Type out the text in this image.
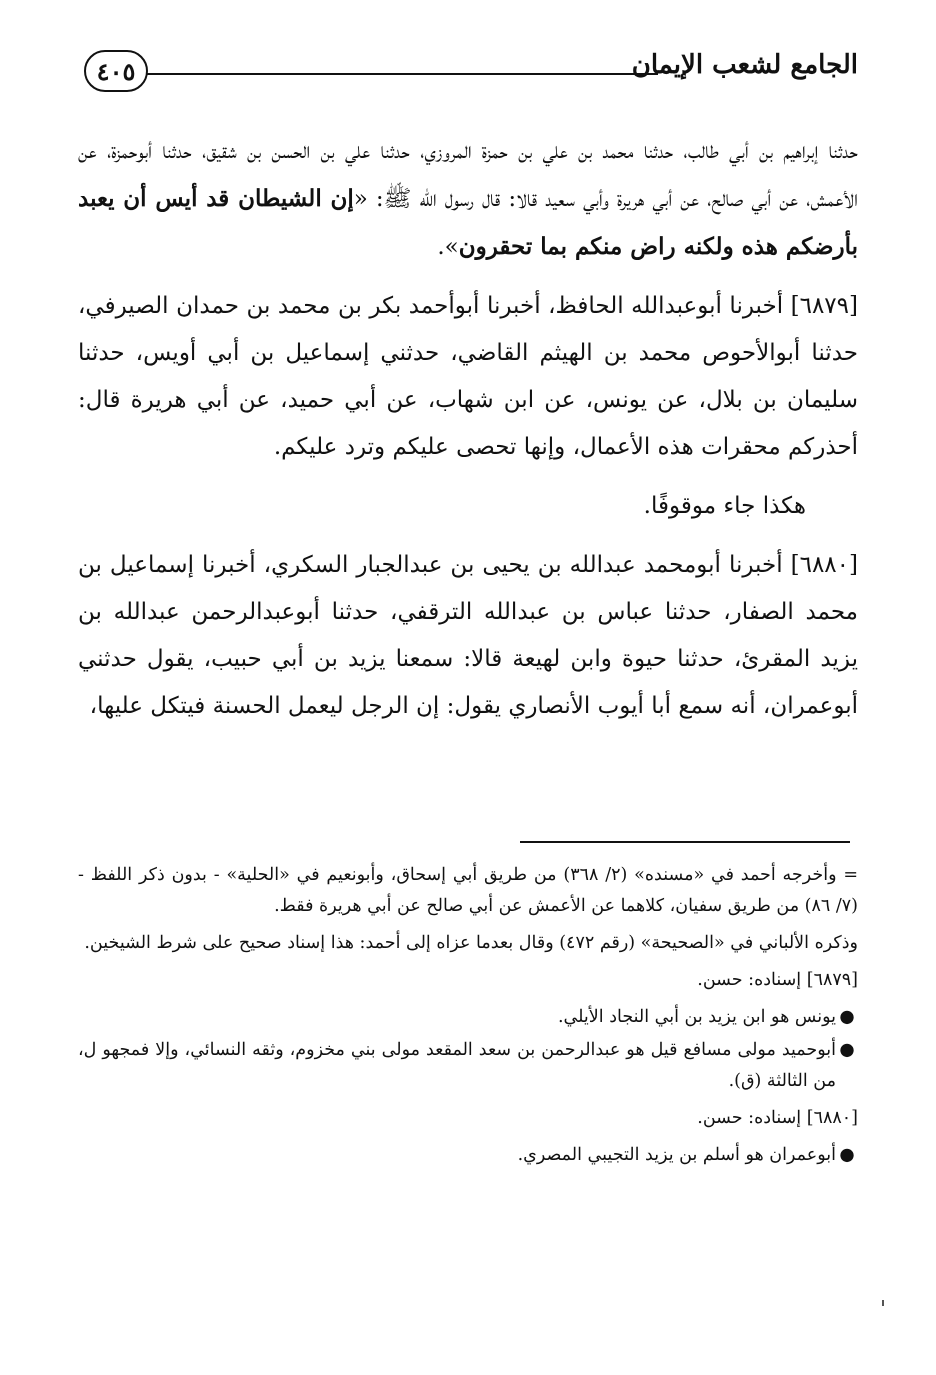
٤٠٥	الجامع لشعب الإيمان

حدثنا إبراهيم بن أبي طالب، حدثنا محمد بن علي بن حمزة المروزي، حدثنا علي بن الحسن بن شقيق، حدثنا أبوحمزة، عن الأعمش، عن أبي صالح، عن أبي هريرة وأبي سعيد قالا: قال رسول الله ﷺ: «إن الشيطان قد أيس أن يعبد بأرضكم هذه ولكنه راض منكم بما تحقرون».

[٦٨٧٩] أخبرنا أبوعبدالله الحافظ، أخبرنا أبوأحمد بكر بن محمد بن حمدان الصيرفي، حدثنا أبوالأحوص محمد بن الهيثم القاضي، حدثني إسماعيل بن أبي أويس، حدثنا سليمان بن بلال، عن يونس، عن ابن شهاب، عن أبي حميد، عن أبي هريرة قال: أحذركم محقرات هذه الأعمال، وإنها تحصى عليكم وترد عليكم.

هكذا جاء موقوفًا.

[٦٨٨٠] أخبرنا أبومحمد عبدالله بن يحيى بن عبدالجبار السكري، أخبرنا إسماعيل بن محمد الصفار، حدثنا عباس بن عبدالله الترقفي، حدثنا أبوعبدالرحمن عبدالله بن يزيد المقرئ، حدثنا حيوة وابن لهيعة قالا: سمعنا يزيد بن أبي حبيب، يقول حدثني أبوعمران، أنه سمع أبا أيوب الأنصاري يقول: إن الرجل ليعمل الحسنة فيتكل عليها،

= وأخرجه أحمد في «مسنده» (٢/ ٣٦٨) من طريق أبي إسحاق، وأبونعيم في «الحلية» - بدون ذكر اللفظ - (٧/ ٨٦) من طريق سفيان، كلاهما عن الأعمش عن أبي صالح عن أبي هريرة فقط.

وذكره الألباني في «الصحيحة» (رقم ٤٧٢) وقال بعدما عزاه إلى أحمد: هذا إسناد صحيح على شرط الشيخين.

[٦٨٧٩] إسناده: حسن.

●
يونس هو ابن يزيد بن أبي النجاد الأيلي.
●
أبوحميد مولى مسافع قيل هو عبدالرحمن بن سعد المقعد مولى بني مخزوم، وثقه النسائي، وإلا فمجهو ل، من الثالثة (ق).

[٦٨٨٠] إسناده: حسن.

●
أبوعمران هو أسلم بن يزيد التجيبي المصري.
